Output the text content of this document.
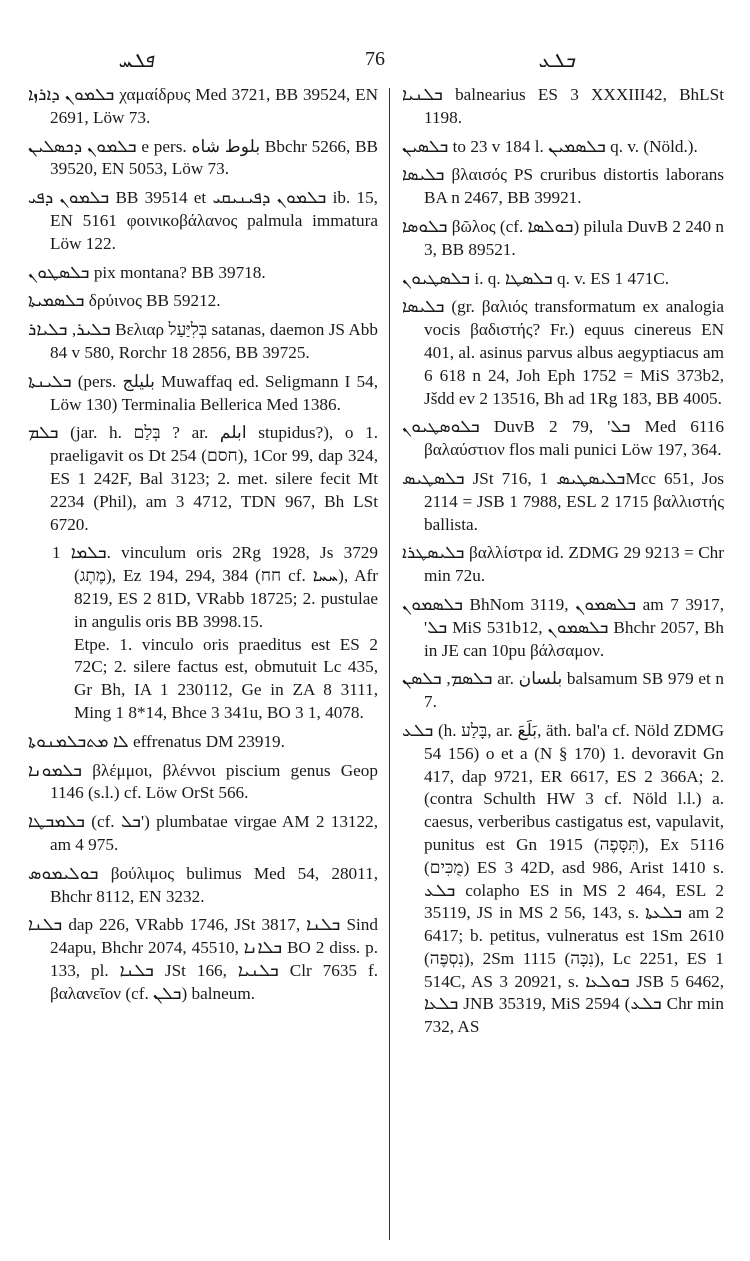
ܦܠܚ	76	ܒܠܥ

ܒܠܡܘܢ ܕܐܪܙܐ χαμαίδρυς Med 3721, BB 39524, EN 2691, Löw 73.

ܒܠܡܘܢ ܕܟܣܠܝܢ e pers. بلوط شاه Bbchr 5266, BB 39520, EN 5053, Löw 73.

ܒܠܡܘܢ ܕܦܝ BB 39514 et ܒܠܡܘܢ ܕܦܝܢܝܩܝ ib. 15, EN 5161 φοινικοβάλανος palmula immatura Löw 122.

ܒܠܣܛܘܢ pix montana? BB 39718.

ܒܠܣܡܝܬܐ δρύινος BB 59212.

ܒܠܝܪ, ܒܠܝܐܪ Βελιαρ בְּלִיַּעַל satanas, daemon JS Abb 84 v 580, Rorchr 18 2856, BB 39725.

ܒܠܝܢܬܐ (pers. بليلج Muwaffaq ed. Seligmann I 54, Löw 130) Terminalia Bellerica Med 1386.

ܒܠܡ (jar. h. בְּלַם ? ar. ابلم stupidus?), o 1. praeligavit os Dt 254 (חסם), 1Cor 99, dap 324, ES 1 242F, Bal 3123; 2. met. silere fecit Mt 2234 (Phil), am 3 4712, TDN 967, Bh LSt 6720.

ܒܠܡܐ 1. vinculum oris 2Rg 1928, Js 3729 (מֶתֶג), Ez 194, 294, 384 (חח cf. ܚܚܐ), Afr 8219, ES 2 81D, VRabb 18725; 2. pustulae in angulis oris BB 3998.15.

Etpe. 1. vinculo oris praeditus est ES 2 72C; 2. silere factus est, obmutuit Lc 435, Gr Bh, IA 1 230112, Ge in ZA 8 3111, Ming 1 8*14, Bhce 3 341u, BO 3 1, 4078.

ܠܐ ܡܬܒܠܡܢܘܬܐ effrenatus DM 23919.

ܒܠܡܘܢܐ βλέμμοι, βλέννοι piscium genus Geop 1146 (s.l.) cf. Löw OrSt 566.

ܒܠܡܒܛܐ (cf. ܒܠ') plumbatae virgae AM 2 13122, am 4 975.

ܒܘܠܝܡܘܣ βούλιμος bulimus Med 54, 28011, Bhchr 8112, EN 3232.

ܒܠܢܐ dap 226, VRabb 1746, JSt 3817, ܒܠܢܐ Sind 24apu, Bhchr 2074, 45510, ܒܠܐܢܐ BO 2 diss. p. 133, pl. ܒܠܢܐ JSt 166, ܒܠܢܝܐ Clr 7635 f. βαλανεῖον (cf. ܒܠܢ) balneum.

ܒܠܢܝܐ balnearius ES 3 XXXIII42, BhLSt 1198.

ܒܠܣܝܢ to 23 v 184 l. ܒܠܣܡܝܢ q. v. (Nöld.).

ܒܠܝܣܐ βλαισός PS cruribus distortis laborans BA n 2467, BB 39921.

ܒܠܘܣܐ βῶλος (cf. ܒܘܠܣܐ) pilula DuvB 2 240 n 3, BB 89521.

ܒܠܣܛܝܘܢ i. q. ܒܠܣܛܐ q. v. ES 1 471C.

ܒܠܝܣܐ (gr. βαλιός transformatum ex analogia vocis βαδιστής? Fr.) equus cinereus EN 401, al. asinus parvus albus aegyptiacus am 6 618 n 24, Joh Eph 1752 = MiS 373b2, Jšdd ev 2 13516, Bh ad 1Rg 183, BB 4005.

ܒܠܘܣܛܝܘܢ DuvB 2 79, 'ܒܠ Med 6116 βαλαύστιον flos mali punici Löw 197, 364.

ܒܠܣܛܝܣ JSt 716, ܒܠܝܣܛܝܣ 1Mcc 651, Jos 2114 = JSB 1 7988, ESL 2 1715 βαλλιστής ballista.

ܒܠܝܣܛܪܐ βαλλίστρα id. ZDMG 29 9213 = Chr min 72u.

ܒܠܣܡܘܢ BhNom 3119, ܒܠܣܡܘܢ am 7 3917, 'ܒܠ MiS 531b12, ܒܠܣܡܘܢ Bhchr 2057, Bh in JE can 10pu βάλσαμον.

ܒܠܣܡ, ܒܠܣܢ ar. بلسان balsamum SB 979 et n 7.

ܒܠܥ (h. בָּלַע, ar. بَلَعَ, äth. bal'a cf. Nöld ZDMG 54 156) o et a (N § 170) 1. devoravit Gn 417, dap 9721, ER 6617, ES 2 366A; 2. (contra Schulth HW 3 cf. Nöld l.l.) a. caesus, verberibus castigatus est, vapulavit, punitus est Gn 1915 (תִּסָּפֶה), Ex 5116 (מֻכִּים) ES 3 42D, asd 986, Arist 1410 s. ܒܠܥ colapho ES in MS 2 464, ESL 2 35119, JS in MS 2 56, 143, s. ܒܠܥܬܐ am 2 6417; b. petitus, vulneratus est 1Sm 2610 (נִסְפֶּה), 2Sm 1115 (נִכָּה), Lc 2251, ES 1 514C, AS 3 20921, s. ܒܘܠܥܐ JSB 5 6462, ܒܠܥܐ JNB 35319, MiS 2594 (ܒܠܥ Chr min 732, AS
